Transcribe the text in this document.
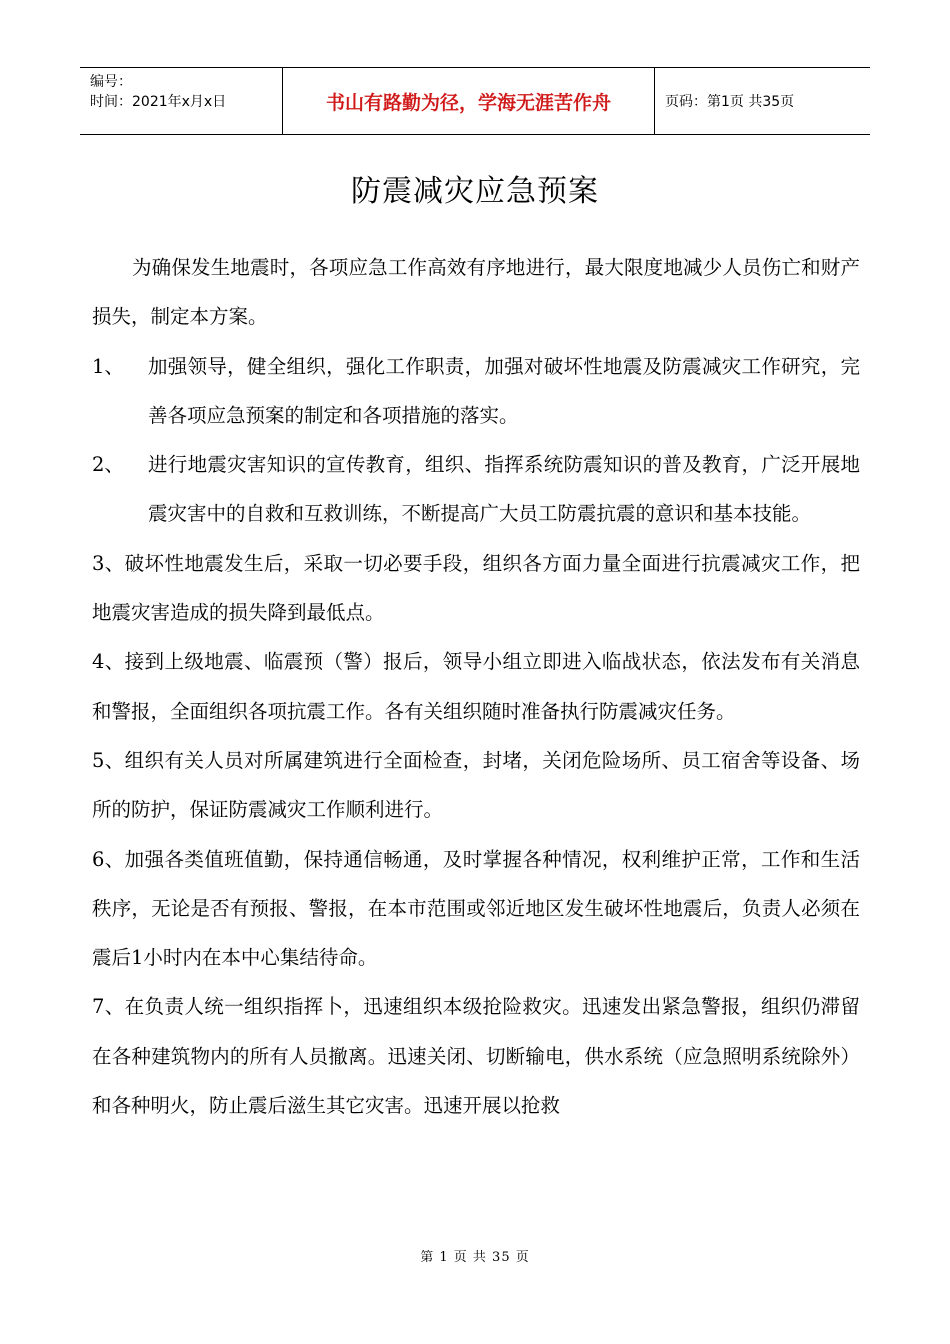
编号：
时间：2021年x月x日	书山有路勤为径，学海无涯苦作舟	页码：第1页 共35页
防震减灾应急预案

为确保发生地震时，各项应急工作高效有序地进行，最大限度地减少人员伤亡和财产损失，制定本方案。

1、	加强领导，健全组织，强化工作职责，加强对破坏性地震及防震减灾工作研究，完善各项应急预案的制定和各项措施的落实。
2、	进行地震灾害知识的宣传教育，组织、指挥系统防震知识的普及教育，广泛开展地震灾害中的自救和互救训练，不断提高广大员工防震抗震的意识和基本技能。

3、破坏性地震发生后，采取一切必要手段，组织各方面力量全面进行抗震减灾工作，把地震灾害造成的损失降到最低点。

4、接到上级地震、临震预（警）报后，领导小组立即进入临战状态，依法发布有关消息和警报，全面组织各项抗震工作。各有关组织随时准备执行防震减灾任务。

5、组织有关人员对所属建筑进行全面检查，封堵，关闭危险场所、员工宿舍等设备、场所的防护，保证防震减灾工作顺利进行。

6、加强各类值班值勤，保持通信畅通，及时掌握各种情况，权利维护正常，工作和生活秩序，无论是否有预报、警报，在本市范围或邻近地区发生破坏性地震后，负责人必须在震后1小时内在本中心集结待命。

7、在负责人统一组织指挥卜，迅速组织本级抢险救灾。迅速发出紧急警报，组织仍滞留在各种建筑物内的所有人员撤离。迅速关闭、切断输电，供水系统（应急照明系统除外）和各种明火，防止震后滋生其它灾害。迅速开展以抢救

第 1 页 共 35 页
